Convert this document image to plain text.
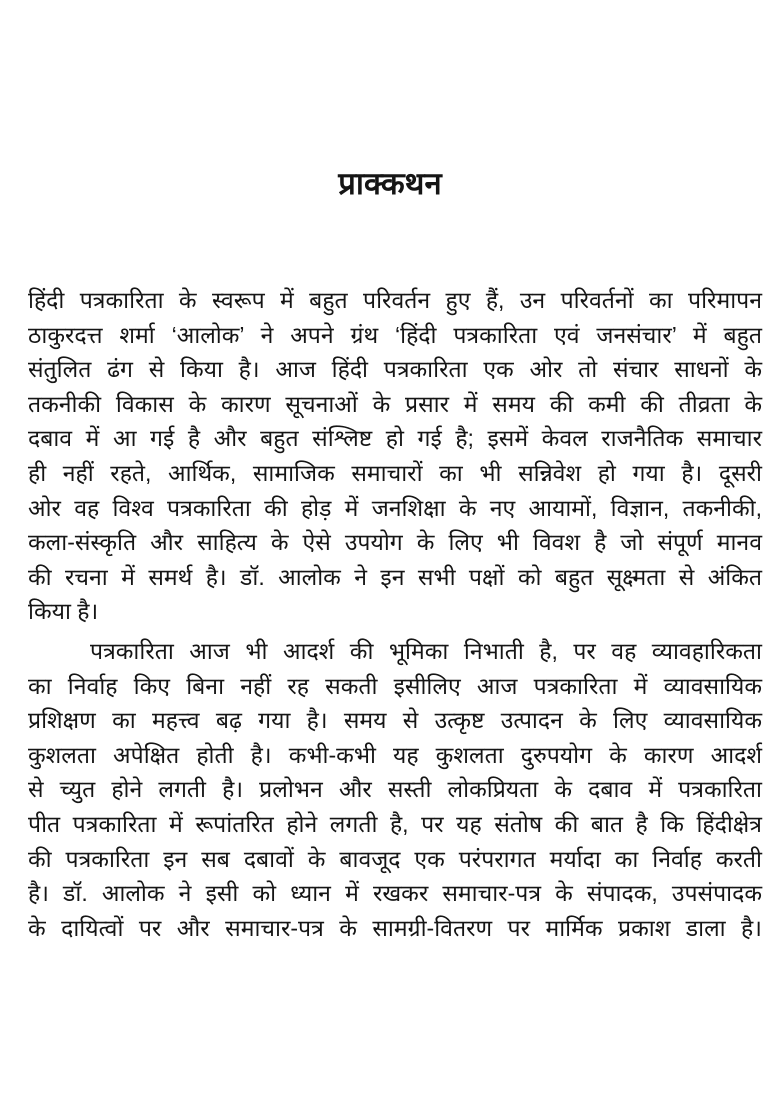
प्राक्कथन
हिंदी पत्रकारिता के स्वरूप में बहुत परिवर्तन हुए हैं, उन परिवर्तनों का परिमापन
ठाकुरदत्त शर्मा ‘आलोक’ ने अपने ग्रंथ ‘हिंदी पत्रकारिता एवं जनसंचार’ में बहुत
संतुलित ढंग से किया है। आज हिंदी पत्रकारिता एक ओर तो संचार साधनों के
तकनीकी विकास के कारण सूचनाओं के प्रसार में समय की कमी की तीव्रता के
दबाव में आ गई है और बहुत संश्लिष्ट हो गई है; इसमें केवल राजनैतिक समाचार
ही नहीं रहते, आर्थिक, सामाजिक समाचारों का भी सन्निवेश हो गया है। दूसरी
ओर वह विश्व पत्रकारिता की होड़ में जनशिक्षा के नए आयामों, विज्ञान, तकनीकी,
कला-संस्कृति और साहित्य के ऐसे उपयोग के लिए भी विवश है जो संपूर्ण मानव
की रचना में समर्थ है। डॉ. आलोक ने इन सभी पक्षों को बहुत सूक्ष्मता से अंकित
किया है।
पत्रकारिता आज भी आदर्श की भूमिका निभाती है, पर वह व्यावहारिकता
का निर्वाह किए बिना नहीं रह सकती इसीलिए आज पत्रकारिता में व्यावसायिक
प्रशिक्षण का महत्त्व बढ़ गया है। समय से उत्कृष्ट उत्पादन के लिए व्यावसायिक
कुशलता अपेक्षित होती है। कभी-कभी यह कुशलता दुरुपयोग के कारण आदर्श
से च्युत होने लगती है। प्रलोभन और सस्ती लोकप्रियता के दबाव में पत्रकारिता
पीत पत्रकारिता में रूपांतरित होने लगती है, पर यह संतोष की बात है कि हिंदीक्षेत्र
की पत्रकारिता इन सब दबावों के बावजूद एक परंपरागत मर्यादा का निर्वाह करती
है। डॉ. आलोक ने इसी को ध्यान में रखकर समाचार-पत्र के संपादक, उपसंपादक
के दायित्वों पर और समाचार-पत्र के सामग्री-वितरण पर मार्मिक प्रकाश डाला है।
